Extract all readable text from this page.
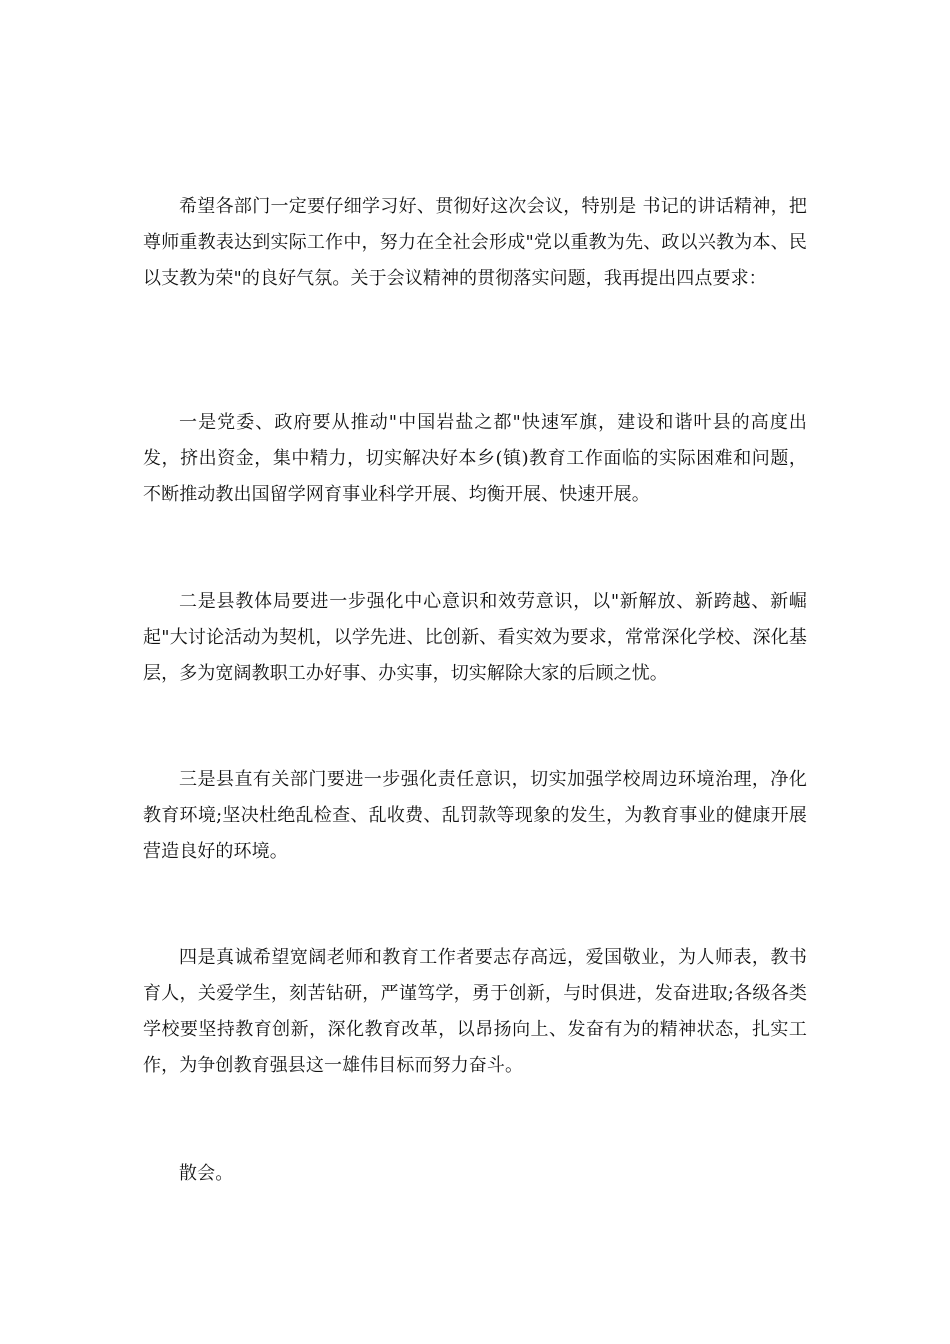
希望各部门一定要仔细学习好、贯彻好这次会议，特别是 书记的讲话精神，把尊师重教表达到实际工作中，努力在全社会形成"党以重教为先、政以兴教为本、民以支教为荣"的良好气氛。关于会议精神的贯彻落实问题，我再提出四点要求：

一是党委、政府要从推动"中国岩盐之都"快速军旗，建设和谐叶县的高度出发，挤出资金，集中精力，切实解决好本乡(镇)教育工作面临的实际困难和问题，不断推动教出国留学网育事业科学开展、均衡开展、快速开展。

二是县教体局要进一步强化中心意识和效劳意识，以"新解放、新跨越、新崛起"大讨论活动为契机，以学先进、比创新、看实效为要求，常常深化学校、深化基层，多为宽阔教职工办好事、办实事，切实解除大家的后顾之忧。

三是县直有关部门要进一步强化责任意识，切实加强学校周边环境治理，净化教育环境;坚决杜绝乱检查、乱收费、乱罚款等现象的发生，为教育事业的健康开展营造良好的环境。

四是真诚希望宽阔老师和教育工作者要志存高远，爱国敬业，为人师表，教书育人，关爱学生，刻苦钻研，严谨笃学，勇于创新，与时俱进，发奋进取;各级各类学校要坚持教育创新，深化教育改革，以昂扬向上、发奋有为的精神状态，扎实工作，为争创教育强县这一雄伟目标而努力奋斗。

散会。
